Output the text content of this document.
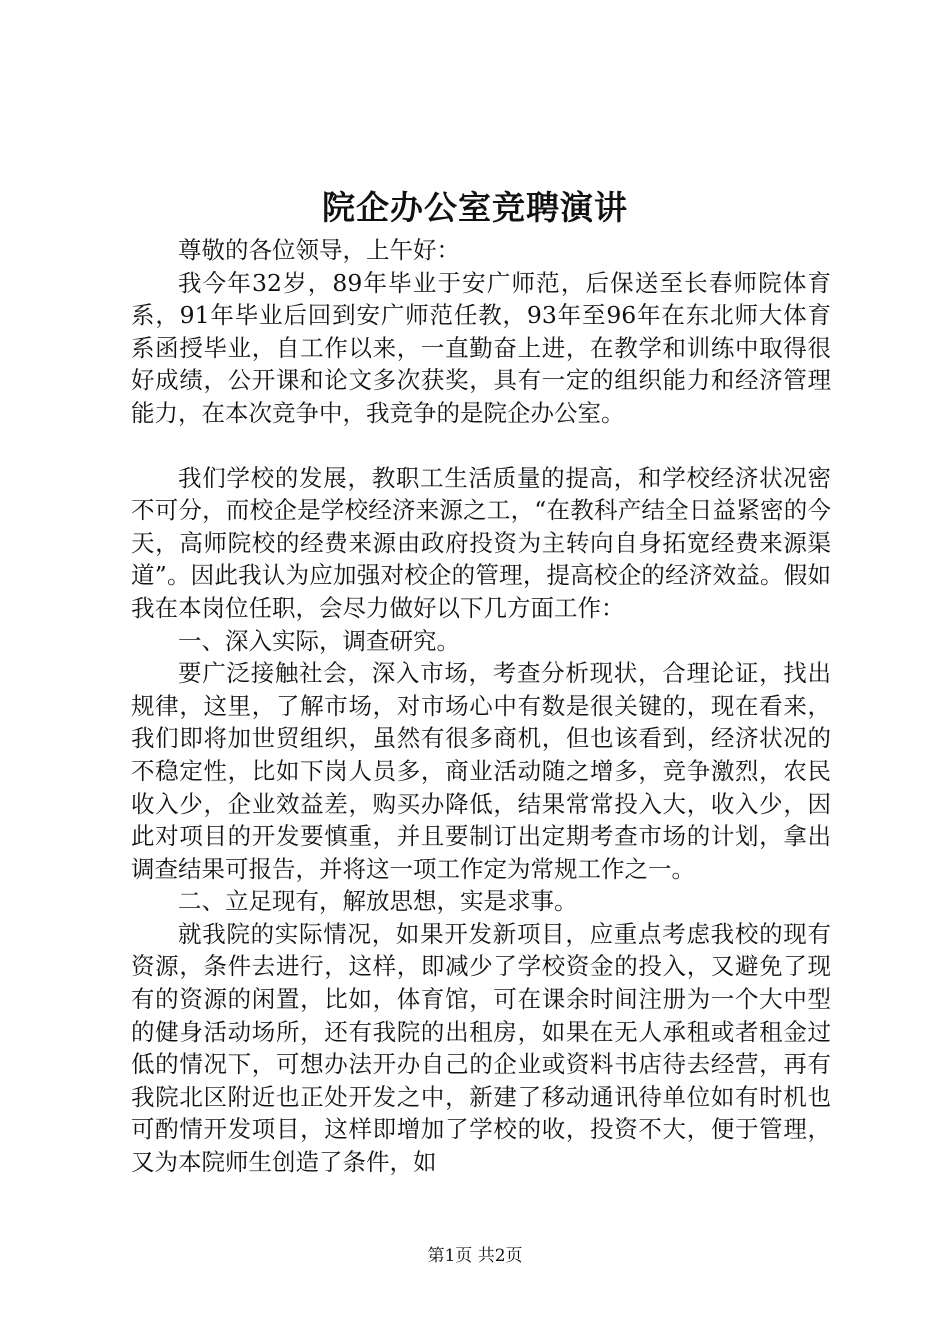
院企办公室竞聘演讲

尊敬的各位领导，上午好：

我今年32岁，89年毕业于安广师范，后保送至长春师院体育系，91年毕业后回到安广师范任教，93年至96年在东北师大体育系函授毕业，自工作以来，一直勤奋上进，在教学和训练中取得很好成绩，公开课和论文多次获奖，具有一定的组织能力和经济管理能力，在本次竞争中，我竞争的是院企办公室。

我们学校的发展，教职工生活质量的提高，和学校经济状况密不可分，而校企是学校经济来源之工，“在教科产结全日益紧密的今天，高师院校的经费来源由政府投资为主转向自身拓宽经费来源渠道”。因此我认为应加强对校企的管理，提高校企的经济效益。假如我在本岗位任职，会尽力做好以下几方面工作：

一、深入实际，调查研究。

要广泛接触社会，深入市场，考查分析现状，合理论证，找出规律，这里，了解市场，对市场心中有数是很关键的，现在看来，我们即将加世贸组织，虽然有很多商机，但也该看到，经济状况的不稳定性，比如下岗人员多，商业活动随之增多，竞争激烈，农民收入少，企业效益差，购买办降低，结果常常投入大，收入少，因此对项目的开发要慎重，并且要制订出定期考查市场的计划，拿出调查结果可报告，并将这一项工作定为常规工作之一。

二、立足现有，解放思想，实是求事。

就我院的实际情况，如果开发新项目，应重点考虑我校的现有资源，条件去进行，这样，即减少了学校资金的投入，又避免了现有的资源的闲置，比如，体育馆，可在课余时间注册为一个大中型的健身活动场所，还有我院的出租房，如果在无人承租或者租金过低的情况下，可想办法开办自己的企业或资料书店待去经营，再有我院北区附近也正处开发之中，新建了移动通讯待单位如有时机也可酌情开发项目，这样即增加了学校的收，投资不大，便于管理，又为本院师生创造了条件，如

第1页 共2页
